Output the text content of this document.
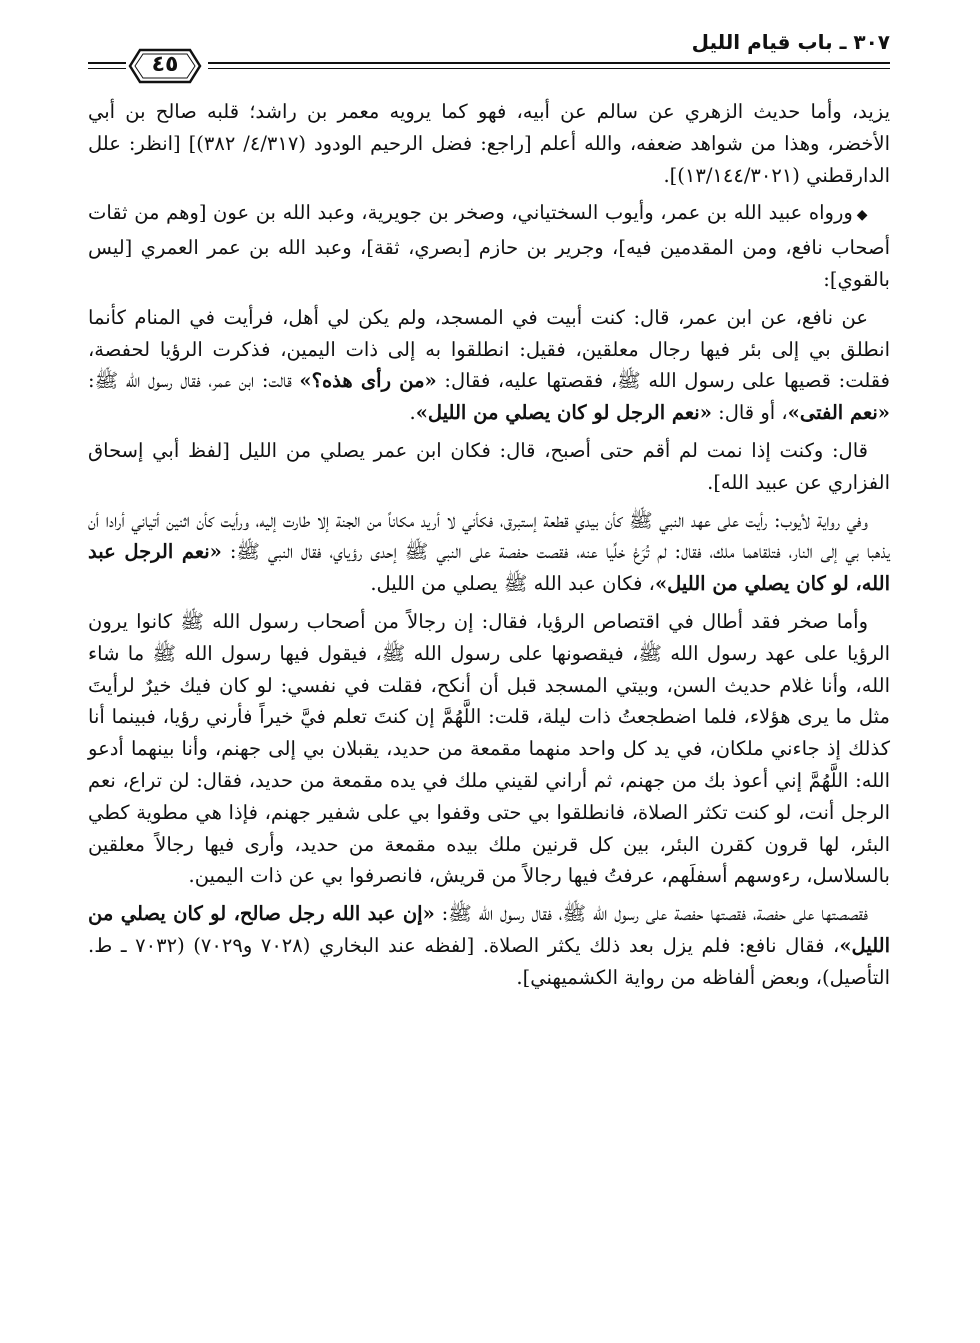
٣٠٧ ـ باب قيام الليل
٤٥

يزيد، وأما حديث الزهري عن سالم عن أبيه، فهو كما يرويه معمر بن راشد؛ قلبه صالح بن أبي الأخضر، وهذا من شواهد ضعفه، والله أعلم [راجع: فضل الرحيم الودود (٤/٣١٧/ ٣٨٢)] [انظر: علل الدارقطني (١٣/١٤٤/٣٠٢١)].

◆ورواه عبيد الله بن عمر، وأيوب السختياني، وصخر بن جويرية، وعبد الله بن عون [وهم من ثقات أصحاب نافع، ومن المقدمين فيه]، وجرير بن حازم [بصري، ثقة]، وعبد الله بن عمر العمري [ليس بالقوي]:

عن نافع، عن ابن عمر، قال: كنت أبيت في المسجد، ولم يكن لي أهل، فرأيت في المنام كأنما انطلق بي إلى بئر فيها رجال معلقين، فقيل: انطلقوا به إلى ذات اليمين، فذكرت الرؤيا لحفصة، فقلت: قصيها على رسول الله ﷺ، فقصتها عليه، فقال: «من رأى هذه؟» قالت: ابن عمر، فقال رسول الله ﷺ: «نعم الفتى»، أو قال: «نعم الرجل لو كان يصلي من الليل».

قال: وكنت إذا نمت لم أقم حتى أصبح، قال: فكان ابن عمر يصلي من الليل [لفظ أبي إسحاق الفزاري عن عبيد الله].

وفي رواية لأيوب: رأيت على عهد النبي ﷺ كأن بيدي قطعة إستبرق، فكأني لا أريد مكاناً من الجنة إلا طارت إليه، ورأيت كأن اثنين أتياني أرادا أن يذهبا بي إلى النار، فتلقاهما ملك، فقال: لم تُرَعْ خلِّيا عنه، فقصت حفصة على النبي ﷺ إحدى رؤياي، فقال النبي ﷺ: «نعم الرجل عبد الله، لو كان يصلي من الليل»، فكان عبد الله ﷺ يصلي من الليل.

وأما صخر فقد أطال في اقتصاص الرؤيا، فقال: إن رجالاً من أصحاب رسول الله ﷺ كانوا يرون الرؤيا على عهد رسول الله ﷺ، فيقصونها على رسول الله ﷺ، فيقول فيها رسول الله ﷺ ما شاء الله، وأنا غلام حديث السن، وبيتي المسجد قبل أن أنكح، فقلت في نفسي: لو كان فيك خيرٌ لرأيتَ مثل ما يرى هؤلاء، فلما اضطجعتُ ذات ليلة، قلت: اللَّهُمَّ إن كنتَ تعلم فيَّ خيراً فأرني رؤيا، فبينما أنا كذلك إذ جاءني ملكان، في يد كل واحد منهما مقمعة من حديد، يقبلان بي إلى جهنم، وأنا بينهما أدعو الله: اللَّهُمَّ إني أعوذ بك من جهنم، ثم أراني لقيني ملك في يده مقمعة من حديد، فقال: لن تراع، نعم الرجل أنت، لو كنت تكثر الصلاة، فانطلقوا بي حتى وقفوا بي على شفير جهنم، فإذا هي مطوية كطي البئر، لها قرون كقرن البئر، بين كل قرنين ملك بيده مقمعة من حديد، وأرى فيها رجالاً معلقين بالسلاسل، رءوسهم أسفلَهم، عرفتُ فيها رجالاً من قريش، فانصرفوا بي عن ذات اليمين.

فقصصتها على حفصة، فقصتها حفصة على رسول الله ﷺ، فقال رسول الله ﷺ: «إن عبد الله رجل صالح، لو كان يصلي من الليل»، فقال نافع: فلم يزل بعد ذلك يكثر الصلاة. [لفظه عند البخاري (٧٠٢٨ و٧٠٢٩) (٧٠٣٢ ـ ط. التأصيل)، وبعض ألفاظه من رواية الكشميهني].
